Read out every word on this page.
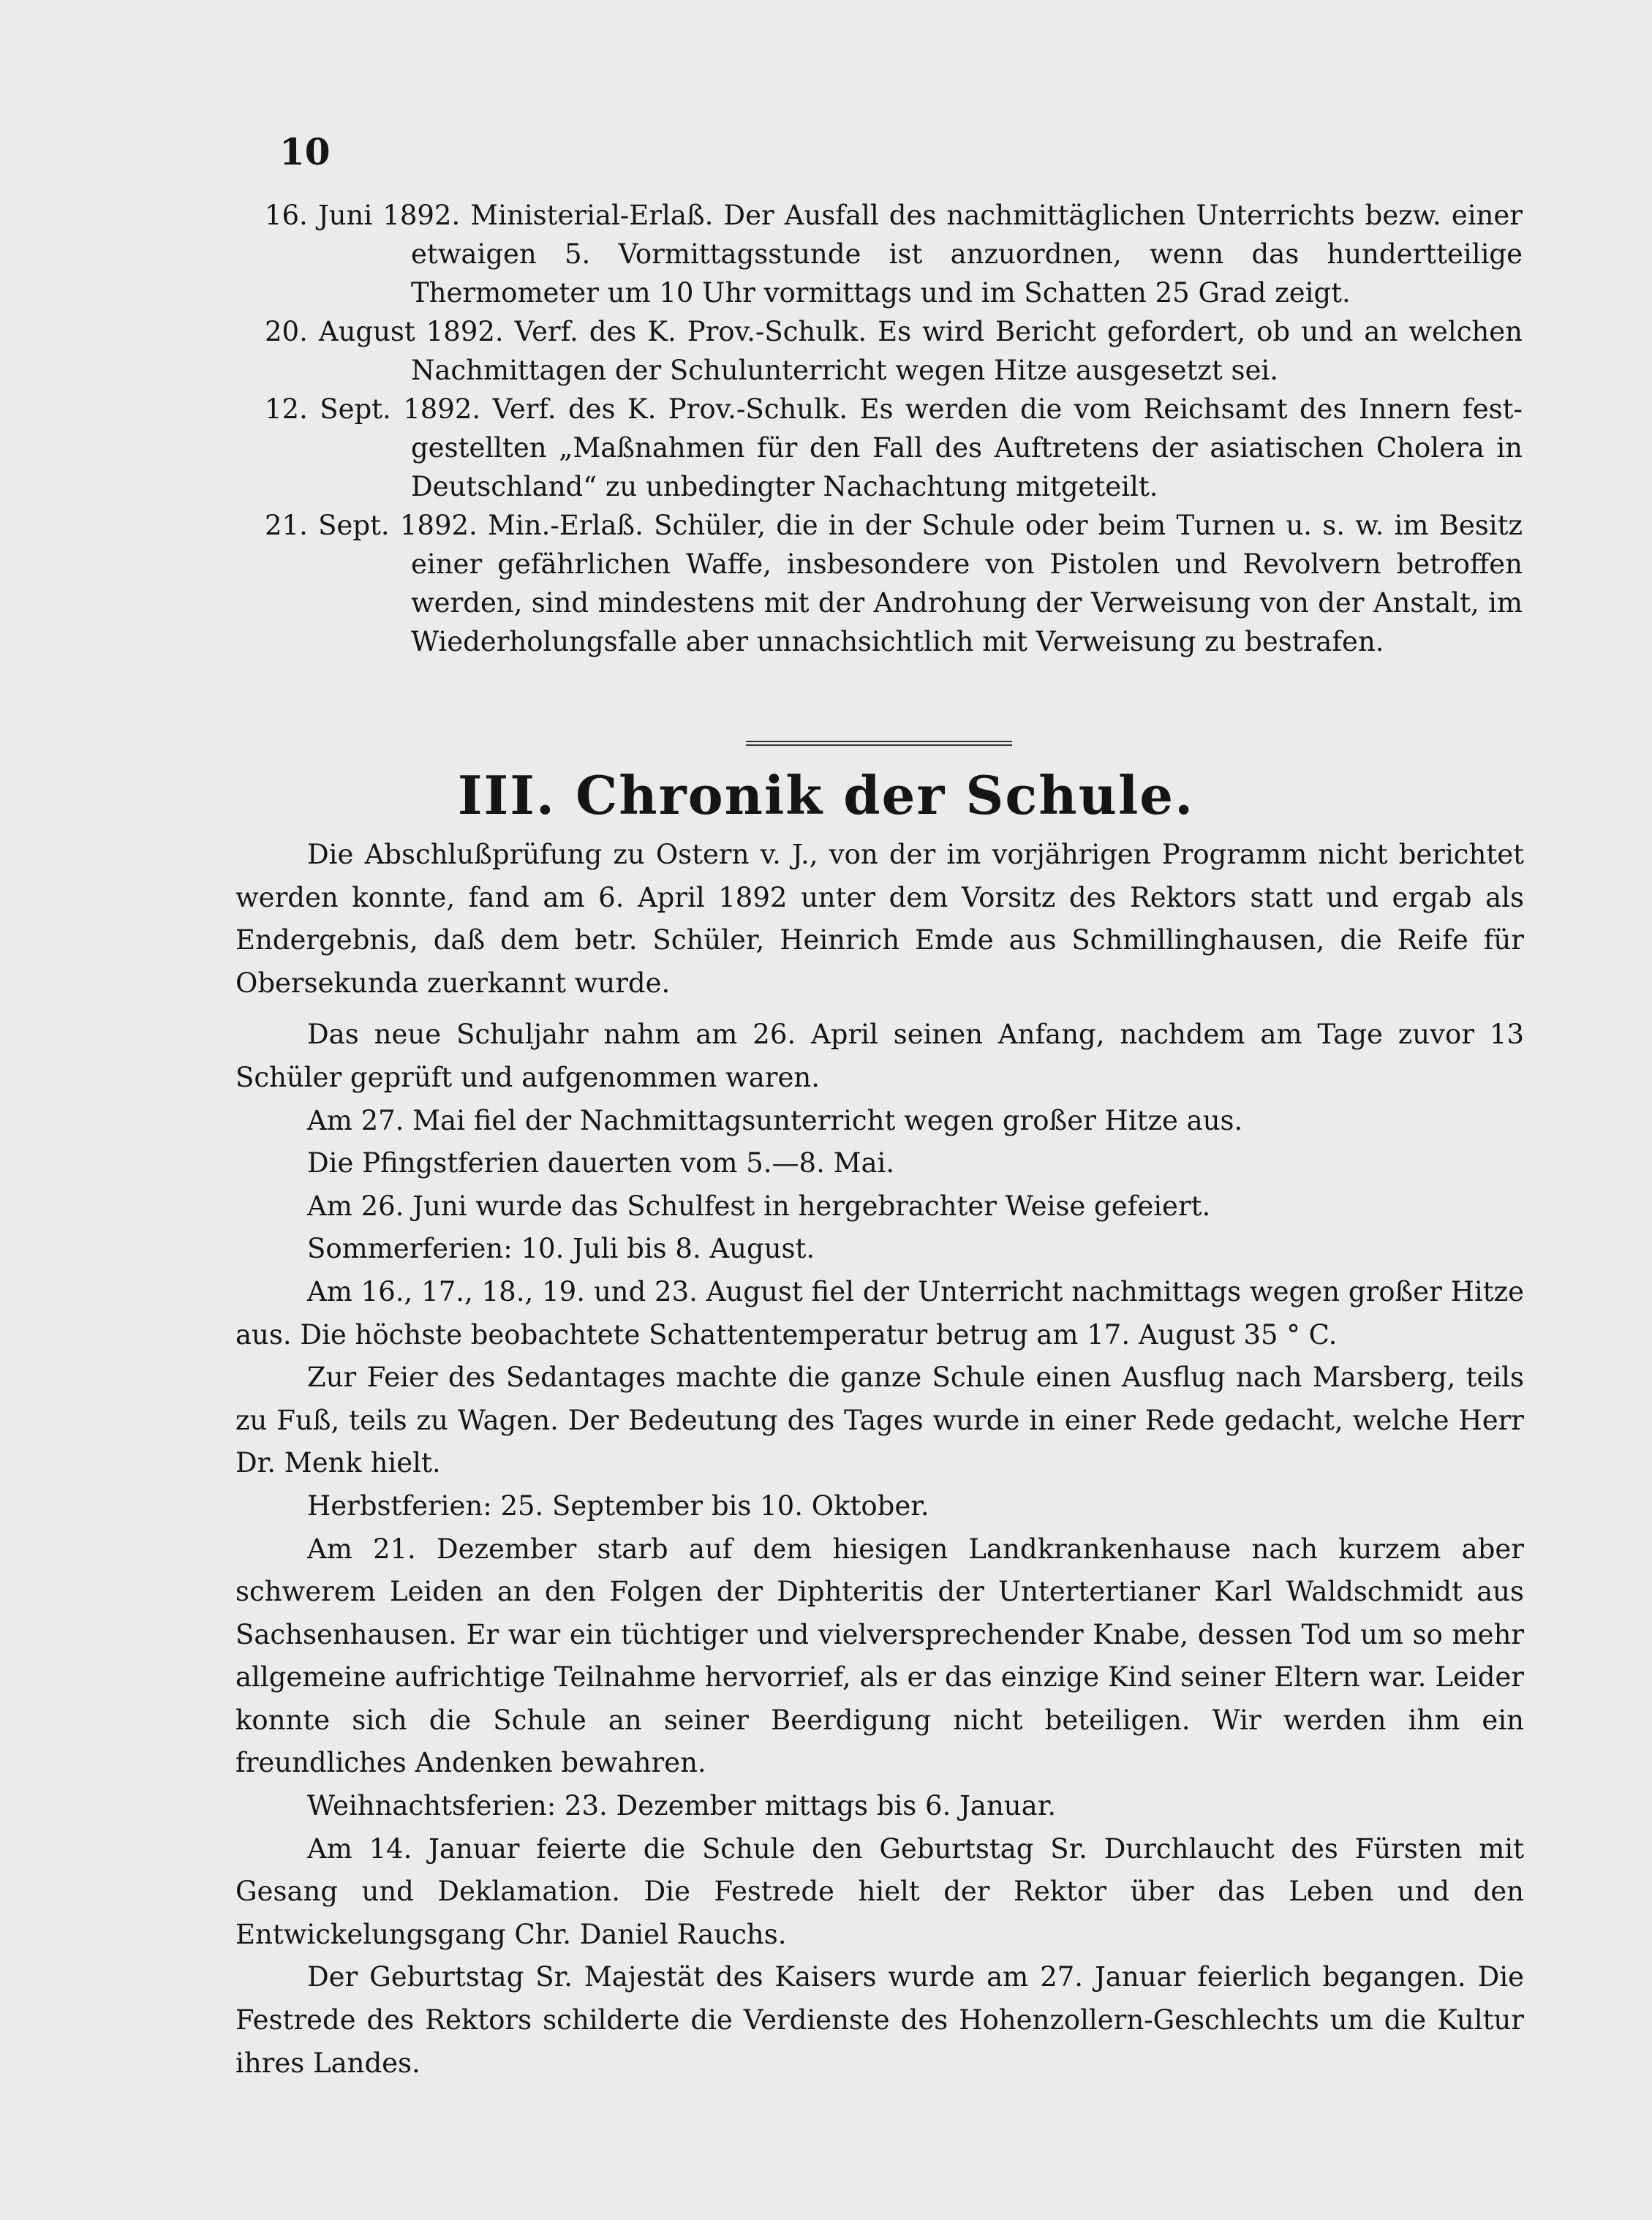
10
16. Juni 1892. Ministerial-Erlaß. Der Ausfall des nachmittäglichen Unterrichts bezw. einer
etwaigen 5. Vormittagsstunde ist anzuordnen, wenn das hundertteilige Thermometer um 10 Uhr vormittags und im Schatten 25 Grad zeigt.
20. August 1892. Verf. des K. Prov.-Schulk. Es wird Bericht gefordert, ob und an welchen
Nachmittagen der Schulunterricht wegen Hitze ausgesetzt sei.
12. Sept. 1892. Verf. des K. Prov.-Schulk. Es werden die vom Reichsamt des Innern fest-
gestellten „Maßnahmen für den Fall des Auftretens der asiatischen Cholera in Deutschland“ zu unbedingter Nachachtung mitgeteilt.
21. Sept. 1892. Min.-Erlaß. Schüler, die in der Schule oder beim Turnen u. s. w. im Besitz
einer gefährlichen Waffe, insbesondere von Pistolen und Revolvern betroffen werden, sind mindestens mit der Androhung der Verweisung von der Anstalt, im Wiederholungsfalle aber unnachsichtlich mit Verweisung zu bestrafen.
III. Chronik der Schule.

Die Abschlußprüfung zu Ostern v. J., von der im vorjährigen Programm nicht berichtet werden konnte, fand am 6. April 1892 unter dem Vorsitz des Rektors statt und ergab als Endergebnis, daß dem betr. Schüler, Heinrich Emde aus Schmillinghausen, die Reife für Obersekunda zuerkannt wurde.

Das neue Schuljahr nahm am 26. April seinen Anfang, nachdem am Tage zuvor 13 Schüler geprüft und aufgenommen waren.

Am 27. Mai fiel der Nachmittagsunterricht wegen großer Hitze aus.

Die Pfingstferien dauerten vom 5.—8. Mai.

Am 26. Juni wurde das Schulfest in hergebrachter Weise gefeiert.

Sommerferien: 10. Juli bis 8. August.

Am 16., 17., 18., 19. und 23. August fiel der Unterricht nachmittags wegen großer Hitze aus. Die höchste beobachtete Schattentemperatur betrug am 17. August 35 ° C.

Zur Feier des Sedantages machte die ganze Schule einen Ausflug nach Marsberg, teils zu Fuß, teils zu Wagen. Der Bedeutung des Tages wurde in einer Rede gedacht, welche Herr Dr. Menk hielt.

Herbstferien: 25. September bis 10. Oktober.

Am 21. Dezember starb auf dem hiesigen Landkrankenhause nach kurzem aber schwerem Leiden an den Folgen der Diphteritis der Untertertianer Karl Waldschmidt aus Sachsenhausen. Er war ein tüchtiger und vielversprechender Knabe, dessen Tod um so mehr allgemeine aufrichtige Teilnahme hervorrief, als er das einzige Kind seiner Eltern war. Leider konnte sich die Schule an seiner Beerdigung nicht beteiligen. Wir werden ihm ein freundliches Andenken bewahren.

Weihnachtsferien: 23. Dezember mittags bis 6. Januar.

Am 14. Januar feierte die Schule den Geburtstag Sr. Durchlaucht des Fürsten mit Gesang und Deklamation. Die Festrede hielt der Rektor über das Leben und den Entwickelungsgang Chr. Daniel Rauchs.

Der Geburtstag Sr. Majestät des Kaisers wurde am 27. Januar feierlich begangen. Die Festrede des Rektors schilderte die Verdienste des Hohenzollern-Geschlechts um die Kultur ihres Landes.
